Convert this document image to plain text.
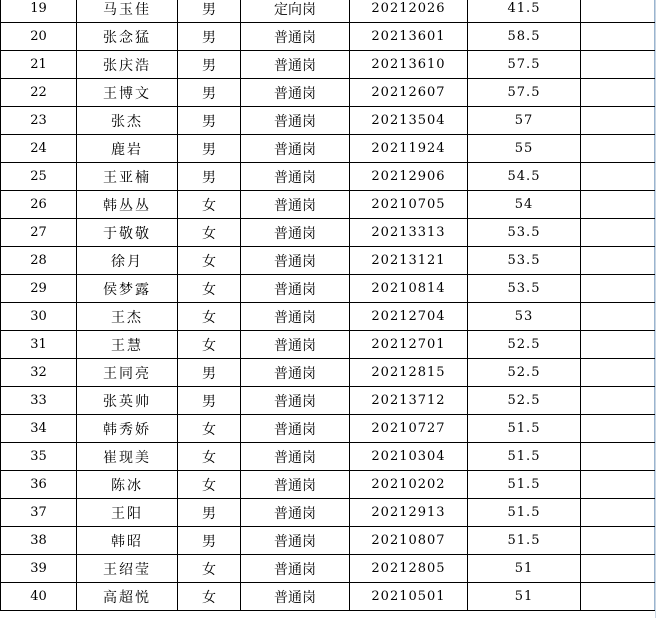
19	马玉佳	男	定向岗	20212026	41.5	
20	张念猛	男	普通岗	20213601	58.5	
21	张庆浩	男	普通岗	20213610	57.5	
22	王博文	男	普通岗	20212607	57.5	
23	张杰	男	普通岗	20213504	57	
24	鹿岩	男	普通岗	20211924	55	
25	王亚楠	男	普通岗	20212906	54.5	
26	韩丛丛	女	普通岗	20210705	54	
27	于敬敬	女	普通岗	20213313	53.5	
28	徐月	女	普通岗	20213121	53.5	
29	侯梦露	女	普通岗	20210814	53.5	
30	王杰	女	普通岗	20212704	53	
31	王慧	女	普通岗	20212701	52.5	
32	王同亮	男	普通岗	20212815	52.5	
33	张英帅	男	普通岗	20213712	52.5	
34	韩秀娇	女	普通岗	20210727	51.5	
35	崔现美	女	普通岗	20210304	51.5	
36	陈冰	女	普通岗	20210202	51.5	
37	王阳	男	普通岗	20212913	51.5	
38	韩昭	男	普通岗	20210807	51.5	
39	王绍莹	女	普通岗	20212805	51	
40	高超悦	女	普通岗	20210501	51	
